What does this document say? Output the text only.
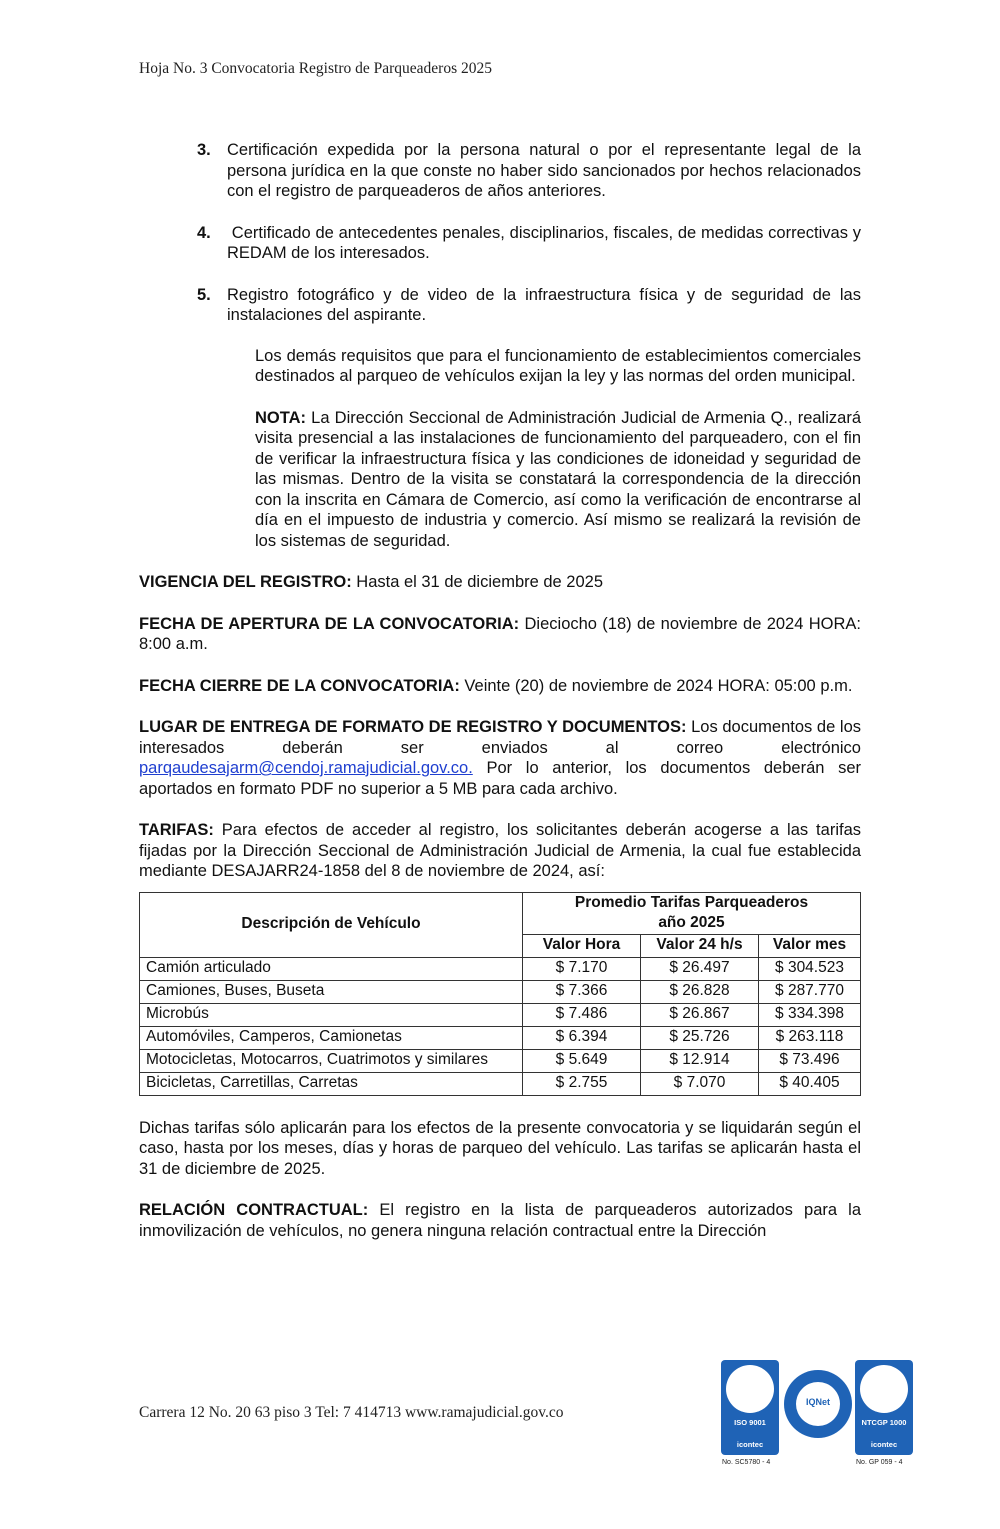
Hoja No. 3 Convocatoria Registro de Parqueaderos 2025
3. Certificación expedida por la persona natural o por el representante legal de la persona jurídica en la que conste no haber sido sancionados por hechos relacionados con el registro de parqueaderos de años anteriores.
4. Certificado de antecedentes penales, disciplinarios, fiscales, de medidas correctivas y REDAM de los interesados.
5. Registro fotográfico y de video de la infraestructura física y de seguridad de las instalaciones del aspirante.
Los demás requisitos que para el funcionamiento de establecimientos comerciales destinados al parqueo de vehículos exijan la ley y las normas del orden municipal.
NOTA: La Dirección Seccional de Administración Judicial de Armenia Q., realizará visita presencial a las instalaciones de funcionamiento del parqueadero, con el fin de verificar la infraestructura física y las condiciones de idoneidad y seguridad de las mismas. Dentro de la visita se constatará la correspondencia de la dirección con la inscrita en Cámara de Comercio, así como la verificación de encontrarse al día en el impuesto de industria y comercio. Así mismo se realizará la revisión de los sistemas de seguridad.
VIGENCIA DEL REGISTRO: Hasta el 31 de diciembre de 2025
FECHA DE APERTURA DE LA CONVOCATORIA: Dieciocho (18) de noviembre de 2024 HORA: 8:00 a.m.
FECHA CIERRE DE LA CONVOCATORIA: Veinte (20) de noviembre de 2024 HORA: 05:00 p.m.
LUGAR DE ENTREGA DE FORMATO DE REGISTRO Y DOCUMENTOS: Los documentos de los interesados deberán ser enviados al correo electrónico parqaudesajarm@cendoj.ramajudicial.gov.co. Por lo anterior, los documentos deberán ser aportados en formato PDF no superior a 5 MB para cada archivo.
TARIFAS: Para efectos de acceder al registro, los solicitantes deberán acogerse a las tarifas fijadas por la Dirección Seccional de Administración Judicial de Armenia, la cual fue establecida mediante DESAJARR24-1858 del 8 de noviembre de 2024, así:
Descripción de Vehículo	Promedio Tarifas Parqueaderos
año 2025		

	Valor Hora	Valor 24 h/s	Valor mes
Camión articulado	$ 7.170	$ 26.497	$ 304.523
Camiones, Buses, Buseta	$ 7.366	$ 26.828	$ 287.770
Microbús	$ 7.486	$ 26.867	$ 334.398
Automóviles, Camperos, Camionetas	$ 6.394	$ 25.726	$ 263.118
Motocicletas, Motocarros, Cuatrimotos y similares	$ 5.649	$ 12.914	$ 73.496
Bicicletas, Carretillas, Carretas	$ 2.755	$ 7.070	$ 40.405
Dichas tarifas sólo aplicarán para los efectos de la presente convocatoria y se liquidarán según el caso, hasta por los meses, días y horas de parqueo del vehículo. Las tarifas se aplicarán hasta el 31 de diciembre de 2025.
RELACIÓN CONTRACTUAL: El registro en la lista de parqueaderos autorizados para la inmovilización de vehículos, no genera ninguna relación contractual entre la Dirección
Carrera 12 No. 20 63 piso 3 Tel: 7 414713 www.ramajudicial.gov.co
ISO 9001
icontec
IQNet
NTCGP 1000
icontec
No. SC5780 - 4	No. GP 059 - 4
